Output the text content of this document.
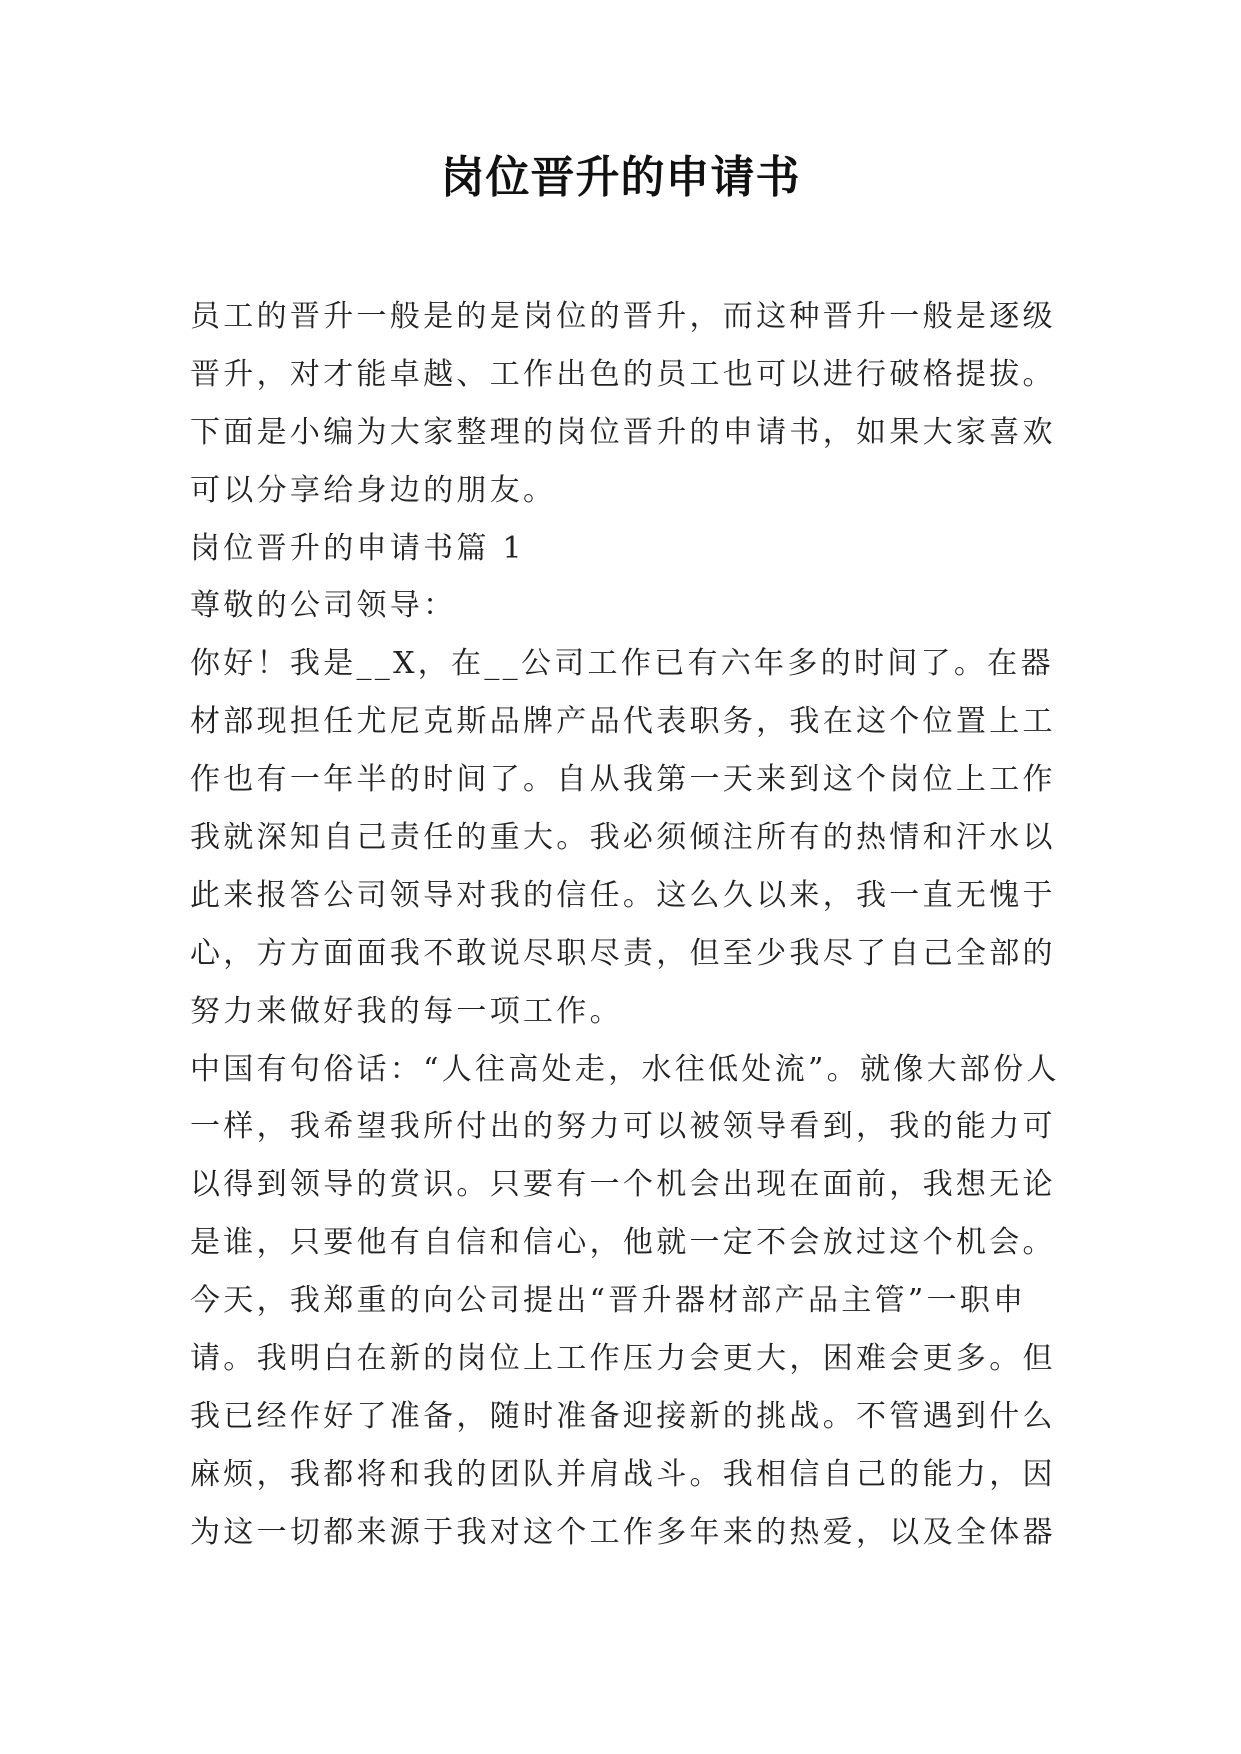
岗位晋升的申请书
员工的晋升一般是的是岗位的晋升，而这种晋升一般是逐级
晋升，对才能卓越、工作出色的员工也可以进行破格提拔。
下面是小编为大家整理的岗位晋升的申请书，如果大家喜欢
可以分享给身边的朋友。
岗位晋升的申请书篇 1
尊敬的公司领导：
你好！我是__X，在__公司工作已有六年多的时间了。在器
材部现担任尤尼克斯品牌产品代表职务，我在这个位置上工
作也有一年半的时间了。自从我第一天来到这个岗位上工作
我就深知自己责任的重大。我必须倾注所有的热情和汗水以
此来报答公司领导对我的信任。这么久以来，我一直无愧于
心，方方面面我不敢说尽职尽责，但至少我尽了自己全部的
努力来做好我的每一项工作。
中国有句俗话：“人往高处走，水往低处流”。就像大部份人
一样，我希望我所付出的努力可以被领导看到，我的能力可
以得到领导的赏识。只要有一个机会出现在面前，我想无论
是谁，只要他有自信和信心，他就一定不会放过这个机会。
今天，我郑重的向公司提出“晋升器材部产品主管”一职申
请。我明白在新的岗位上工作压力会更大，困难会更多。但
我已经作好了准备，随时准备迎接新的挑战。不管遇到什么
麻烦，我都将和我的团队并肩战斗。我相信自己的能力，因
为这一切都来源于我对这个工作多年来的热爱，以及全体器
